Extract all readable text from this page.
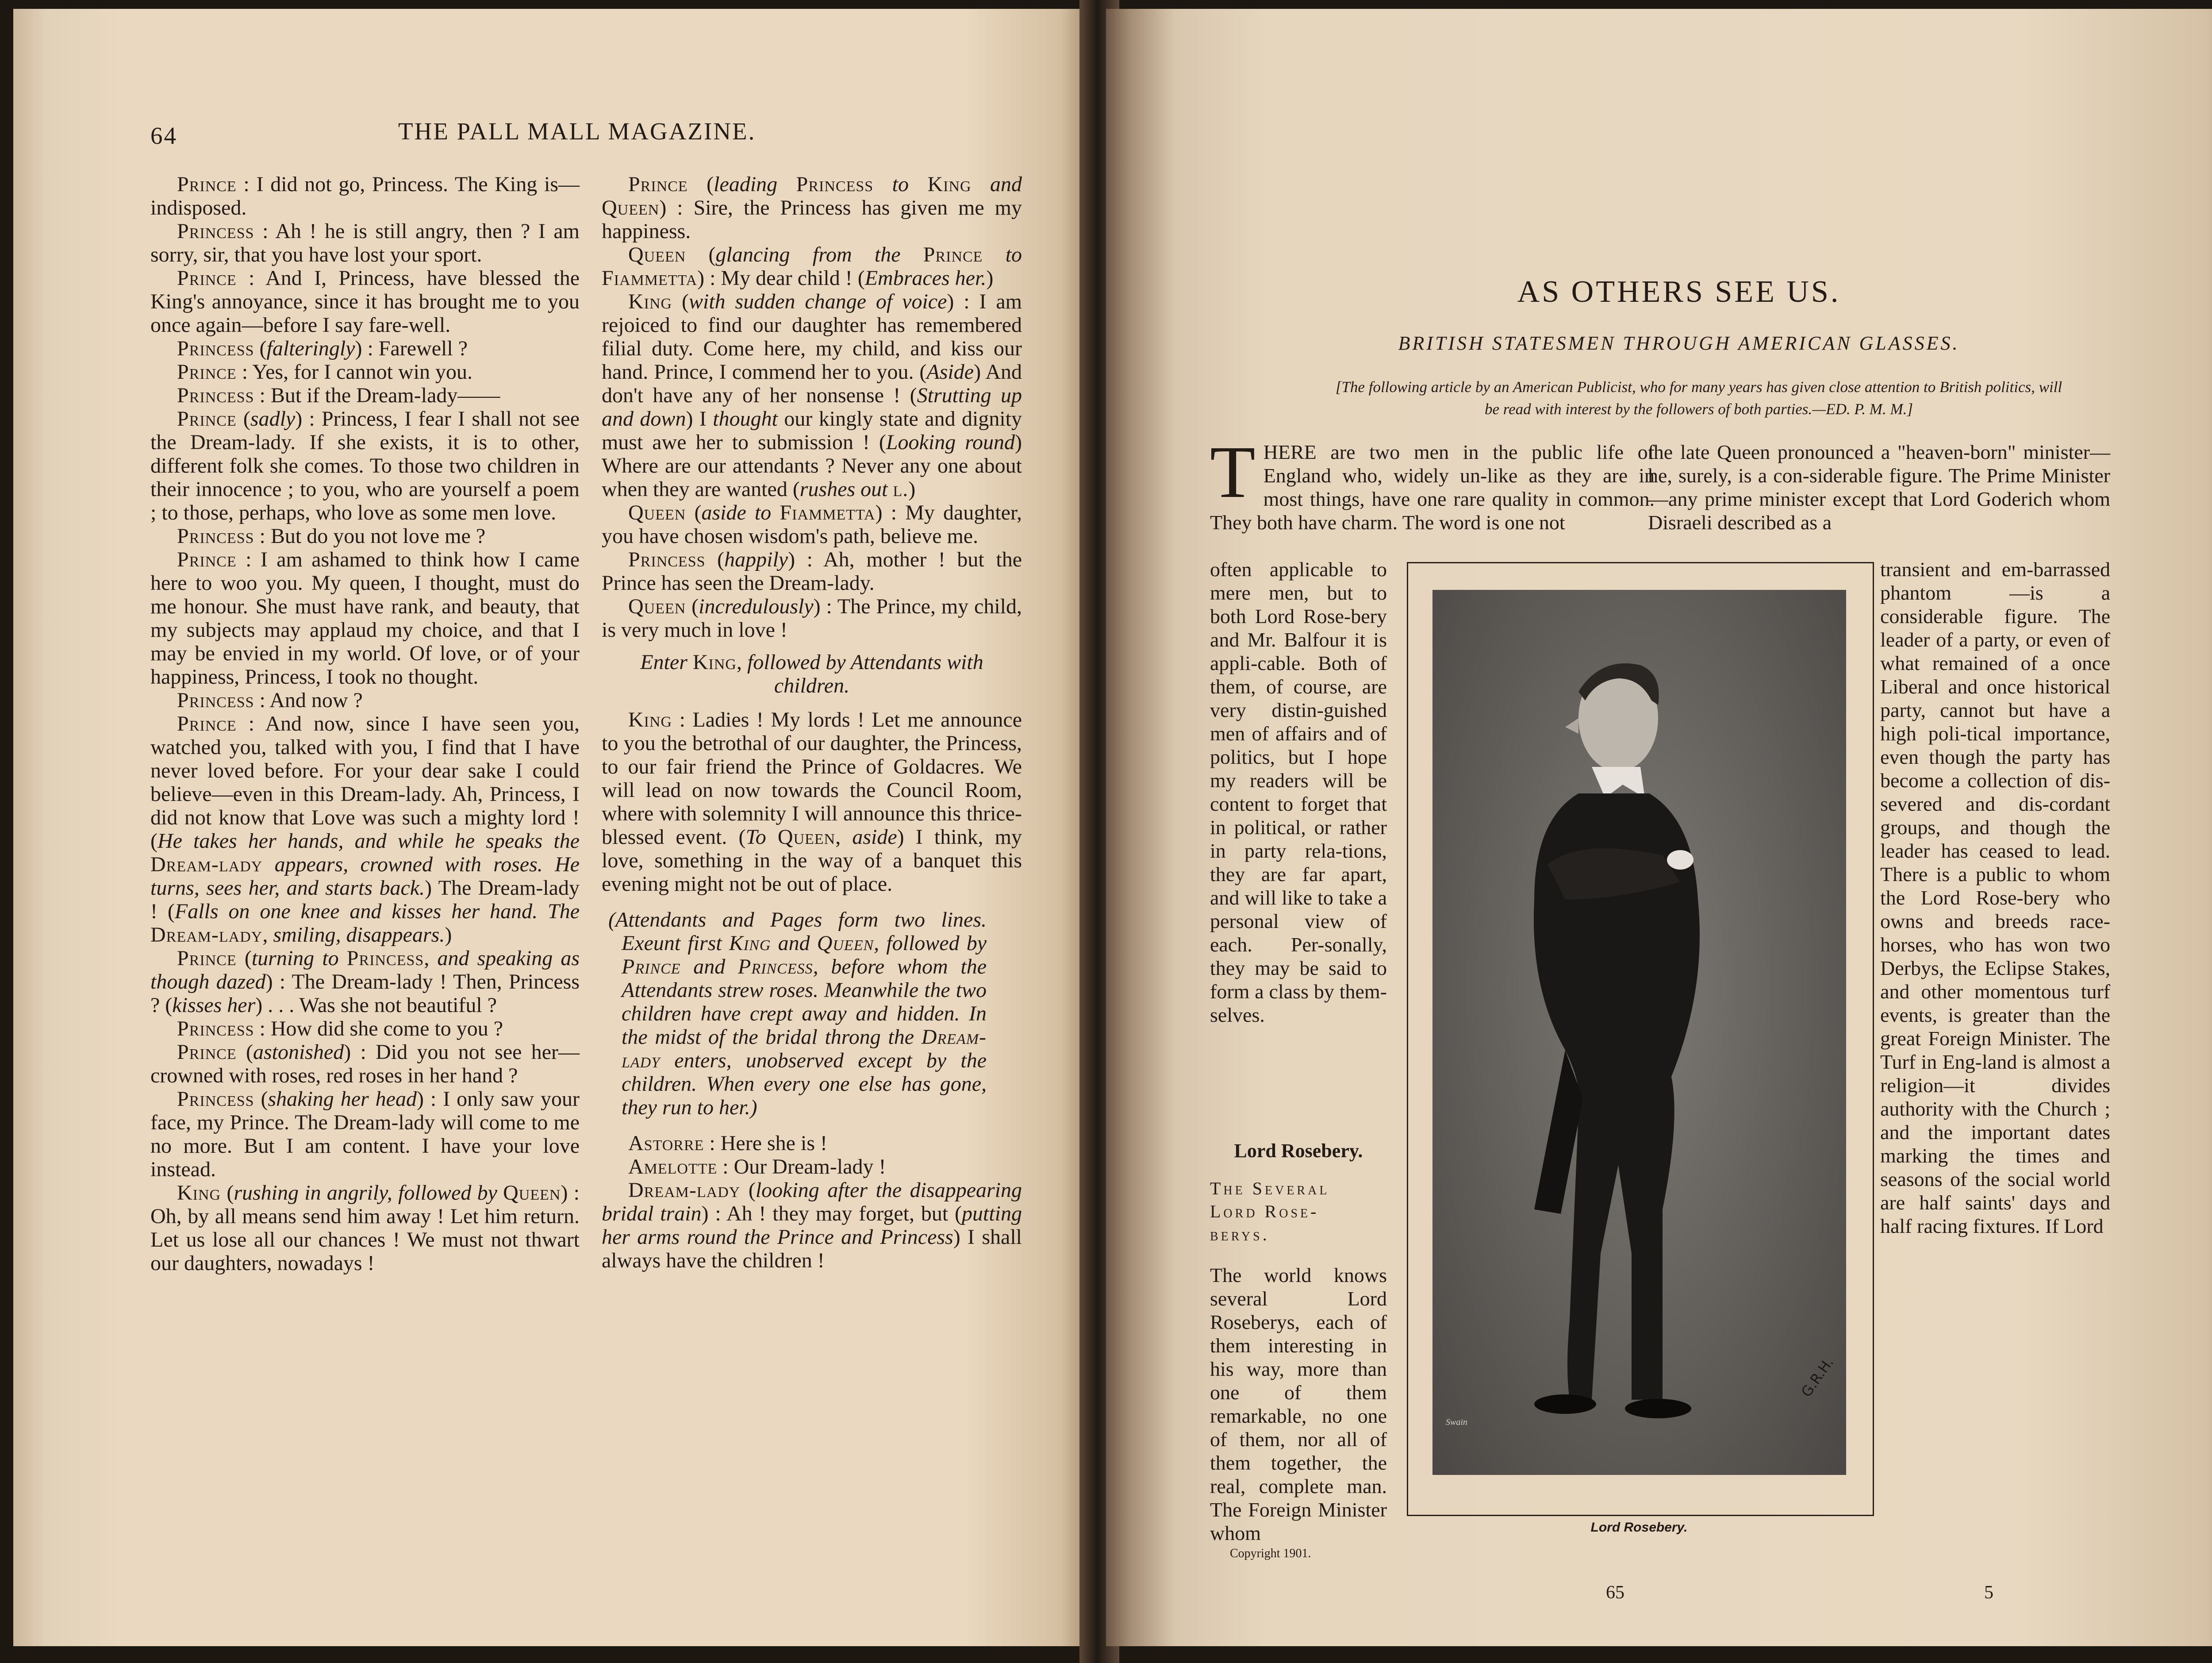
64	THE PALL MALL MAGAZINE.

Prince : I did not go, Princess. The King is—indisposed.

Princess : Ah ! he is still angry, then ? I am sorry, sir, that you have lost your sport.

Prince : And I, Princess, have blessed the King's annoyance, since it has brought me to you once again—before I say fare-well.

Princess (falteringly) : Farewell ?

Prince : Yes, for I cannot win you.

Princess : But if the Dream-lady——

Prince (sadly) : Princess, I fear I shall not see the Dream-lady. If she exists, it is to other, different folk she comes. To those two children in their innocence ; to you, who are yourself a poem ; to those, perhaps, who love as some men love.

Princess : But do you not love me ?

Prince : I am ashamed to think how I came here to woo you. My queen, I thought, must do me honour. She must have rank, and beauty, that my subjects may applaud my choice, and that I may be envied in my world. Of love, or of your happiness, Princess, I took no thought.

Princess : And now ?

Prince : And now, since I have seen you, watched you, talked with you, I find that I have never loved before. For your dear sake I could believe—even in this Dream-lady. Ah, Princess, I did not know that Love was such a mighty lord ! (He takes her hands, and while he speaks the Dream-lady appears, crowned with roses. He turns, sees her, and starts back.) The Dream-lady ! (Falls on one knee and kisses her hand. The Dream-lady, smiling, disappears.)

Prince (turning to Princess, and speaking as though dazed) : The Dream-lady ! Then, Princess ? (kisses her) . . . Was she not beautiful ?

Princess : How did she come to you ?

Prince (astonished) : Did you not see her—crowned with roses, red roses in her hand ?

Princess (shaking her head) : I only saw your face, my Prince. The Dream-lady will come to me no more. But I am content. I have your love instead.

King (rushing in angrily, followed by Queen) : Oh, by all means send him away ! Let him return. Let us lose all our chances ! We must not thwart our daughters, nowadays !

Prince (leading Princess to King and Queen) : Sire, the Princess has given me my happiness.

Queen (glancing from the Prince to Fiammetta) : My dear child ! (Embraces her.)

King (with sudden change of voice) : I am rejoiced to find our daughter has remembered filial duty. Come here, my child, and kiss our hand. Prince, I commend her to you. (Aside) And don't have any of her nonsense ! (Strutting up and down) I thought our kingly state and dignity must awe her to submission ! (Looking round) Where are our attendants ? Never any one about when they are wanted (rushes out l.)

Queen (aside to Fiammetta) : My daughter, you have chosen wisdom's path, believe me.

Princess (happily) : Ah, mother ! but the Prince has seen the Dream-lady.

Queen (incredulously) : The Prince, my child, is very much in love !

Enter King, followed by Attendants with children.

King : Ladies ! My lords ! Let me announce to you the betrothal of our daughter, the Princess, to our fair friend the Prince of Goldacres. We will lead on now towards the Council Room, where with solemnity I will announce this thrice-blessed event. (To Queen, aside) I think, my love, something in the way of a banquet this evening might not be out of place.

(Attendants and Pages form two lines. Exeunt first King and Queen, followed by Prince and Princess, before whom the Attendants strew roses. Meanwhile the two children have crept away and hidden. In the midst of the bridal throng the Dream-lady enters, unobserved except by the children. When every one else has gone, they run to her.)

Astorre : Here she is !

Amelotte : Our Dream-lady !

Dream-lady (looking after the disappearing bridal train) : Ah ! they may forget, but (putting her arms round the Prince and Princess) I shall always have the children !

AS OTHERS SEE US.
BRITISH STATESMEN THROUGH AMERICAN GLASSES.
[The following article by an American Publicist, who for many years has given close attention to British politics, will be read with interest by the followers of both parties.—ED. P. M. M.]
T HERE are two men in the public life of England who, widely un-like as they are in most things, have one rare quality in common. They both have charm. The word is one not

often applicable to mere men, but to both Lord Rose-bery and Mr. Balfour it is appli-cable. Both of them, of course, are very distin-guished men of affairs and of politics, but I hope my readers will be content to forget that in political, or rather in party rela-tions, they are far apart, and will like to take a personal view of each. Per-sonally, they may be said to form a class by them-selves.

Lord Rosebery.
The Several Lord Rose-berys.

The world knows several Lord Roseberys, each of them interesting in his way, more than one of them remarkable, no one of them, nor all of them together, the real, complete man. The Foreign Minister whom

Copyright 1901.

the late Queen pronounced a "heaven-born" minister—he, surely, is a con-siderable figure. The Prime Minister—any prime minister except that Lord Goderich whom Disraeli described as a

transient and em-barrassed phantom —is a considerable figure. The leader of a party, or even of what remained of a once Liberal and once historical party, cannot but have a high poli-tical importance, even though the party has become a collection of dis-severed and dis-cordant groups, and though the leader has ceased to lead. There is a public to whom the Lord Rose-bery who owns and breeds race-horses, who has won two Derbys, the Eclipse Stakes, and other momentous turf events, is greater than the great Foreign Minister. The Turf in Eng-land is almost a religion—it divides authority with the Church ; and the important dates marking the times and seasons of the social world are half saints' days and half racing fixtures. If Lord

65	5
G.R.H.
Swain
Lord Rosebery.
